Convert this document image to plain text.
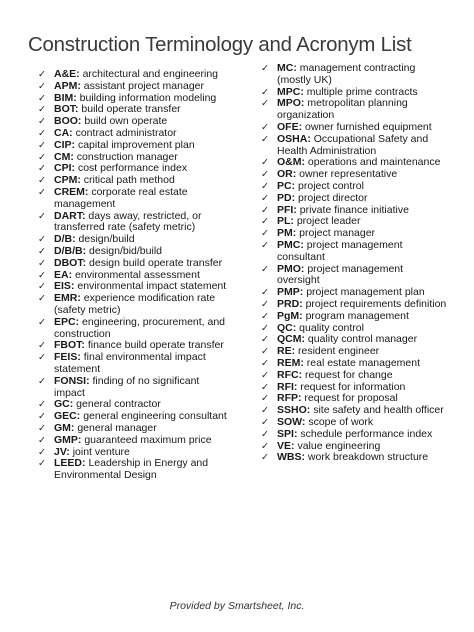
Construction Terminology and Acronym List
✓ A&E: architectural and engineering
✓ APM: assistant project manager
✓ BIM: building information modeling
✓ BOT: build operate transfer
✓ BOO: build own operate
✓ CA: contract administrator
✓ CIP: capital improvement plan
✓ CM: construction manager
✓ CPI: cost performance index
✓ CPM: critical path method
✓ CREM: corporate real estate
management
✓ DART: days away, restricted, or
transferred rate (safety metric)
✓ D/B: design/build
✓ D/B/B: design/bid/build
✓ DBOT: design build operate transfer
✓ EA: environmental assessment
✓ EIS: environmental impact statement
✓ EMR: experience modification rate
(safety metric)
✓ EPC: engineering, procurement, and
construction
✓ FBOT: finance build operate transfer
✓ FEIS: final environmental impact
statement
✓ FONSI: finding of no significant
impact
✓ GC: general contractor
✓ GEC: general engineering consultant
✓ GM: general manager
✓ GMP: guaranteed maximum price
✓ JV: joint venture
✓ LEED: Leadership in Energy and
Environmental Design
✓ MC: management contracting
(mostly UK)
✓ MPC: multiple prime contracts
✓ MPO: metropolitan planning
organization
✓ OFE: owner furnished equipment
✓ OSHA: Occupational Safety and
Health Administration
✓ O&M: operations and maintenance
✓ OR: owner representative
✓ PC: project control
✓ PD: project director
✓ PFI: private finance initiative
✓ PL: project leader
✓ PM: project manager
✓ PMC: project management
consultant
✓ PMO: project management
oversight
✓ PMP: project management plan
✓ PRD: project requirements definition
✓ PgM: program management
✓ QC: quality control
✓ QCM: quality control manager
✓ RE: resident engineer
✓ REM: real estate management
✓ RFC: request for change
✓ RFI: request for information
✓ RFP: request for proposal
✓ SSHO: site safety and health officer
✓ SOW: scope of work
✓ SPI: schedule performance index
✓ VE: value engineering
✓ WBS: work breakdown structure

Provided by Smartsheet, Inc.
